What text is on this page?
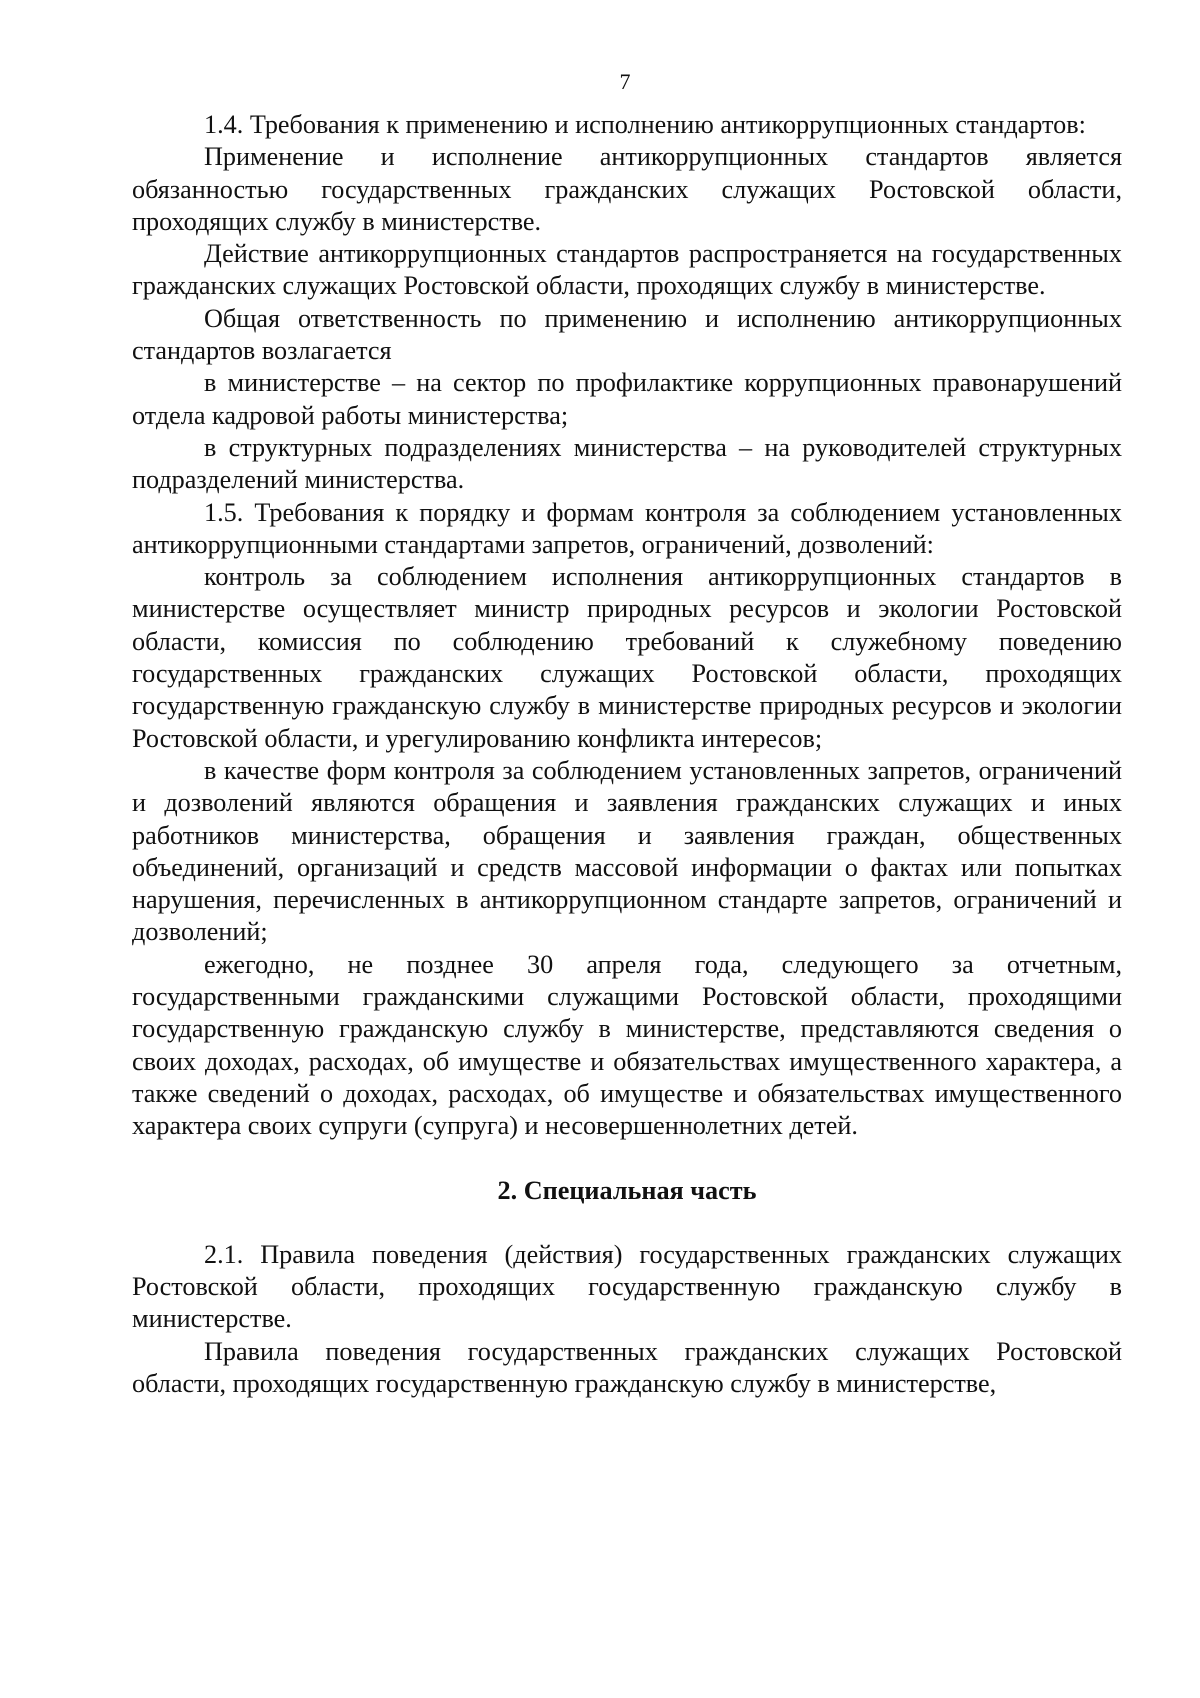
7

1.4. Требования к применению и исполнению антикоррупционных стандартов:

Применение и исполнение антикоррупционных стандартов является обязанностью государственных гражданских служащих Ростовской области, проходящих службу в министерстве.

Действие антикоррупционных стандартов распространяется на государственных гражданских служащих Ростовской области, проходящих службу в министерстве.

Общая ответственность по применению и исполнению антикоррупционных стандартов возлагается

в министерстве – на сектор по профилактике коррупционных правонарушений отдела кадровой работы министерства;

в структурных подразделениях министерства – на руководителей структурных подразделений министерства.

1.5. Требования к порядку и формам контроля за соблюдением установленных антикоррупционными стандартами запретов, ограничений, дозволений:

контроль за соблюдением исполнения антикоррупционных стандартов в министерстве осуществляет министр природных ресурсов и экологии Ростовской области, комиссия по соблюдению требований к служебному поведению государственных гражданских служащих Ростовской области, проходящих государственную гражданскую службу в министерстве природных ресурсов и экологии Ростовской области, и урегулированию конфликта интересов;

в качестве форм контроля за соблюдением установленных запретов, ограничений и дозволений являются обращения и заявления гражданских служащих и иных работников министерства, обращения и заявления граждан, общественных объединений, организаций и средств массовой информации о фактах или попытках нарушения, перечисленных в антикоррупционном стандарте запретов, ограничений и дозволений;

ежегодно, не позднее 30 апреля года, следующего за отчетным, государственными гражданскими служащими Ростовской области, проходящими государственную гражданскую службу в министерстве, представляются сведения о своих доходах, расходах, об имуществе и обязательствах имущественного характера, а также сведений о доходах, расходах, об имуществе и обязательствах имущественного характера своих супруги (супруга) и несовершеннолетних детей.

2. Специальная часть

2.1. Правила поведения (действия) государственных гражданских служащих Ростовской области, проходящих государственную гражданскую службу в министерстве.

Правила поведения государственных гражданских служащих Ростовской области, проходящих государственную гражданскую службу в министерстве,
